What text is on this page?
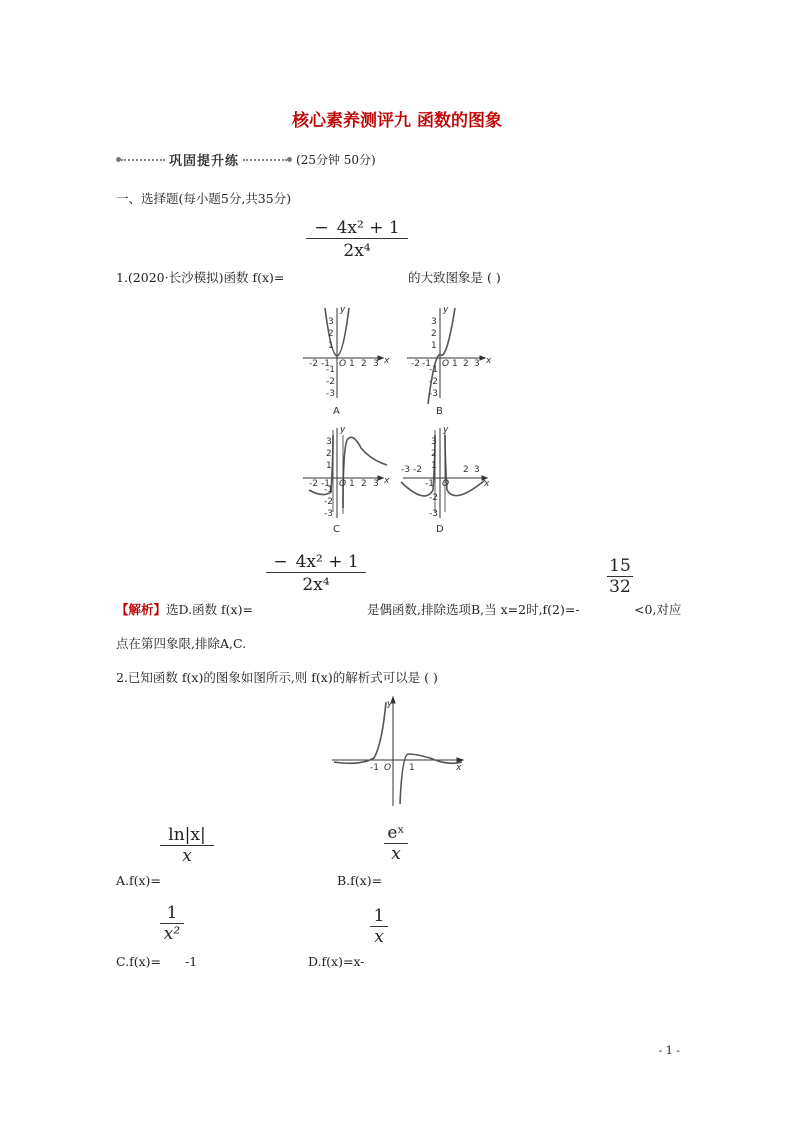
核心素养测评九 函数的图象
巩固提升练	(25分钟 50分)
一、选择题(每小题5分,共35分)
− 4x² + 1
2x⁴
1.(2020·长沙模拟)函数 f(x)=	的大致图象是 ( )
y
x
3
2
1
-1
-2
-3
-2 -1 O 1 2 3
A
y
x
3
2
1
-1
-2
-3
-2 -1 O 1 2 3
B
y
x
3
2
1
-1
-2
-3
-2 -1 O 1 2 3
C
y
x
3
2
1
-2
-3
-3 -2
-1 O
2 3
D
− 4x² + 1
2x⁴
15
32
【解析】选D.函数 f(x)=	是偶函数,排除选项B,当 x=2时,f(2)=-	<0,对应
点在第四象限,排除A,C.
2.已知函数 f(x)的图象如图所示,则 f(x)的解析式可以是 ( )
y
x
-1 O 1
ln|x|
x
A.f(x)=
eˣ
x
B.f(x)=
1
x²
C.f(x)= -1
1
x
D.f(x)=x-
- 1 -
